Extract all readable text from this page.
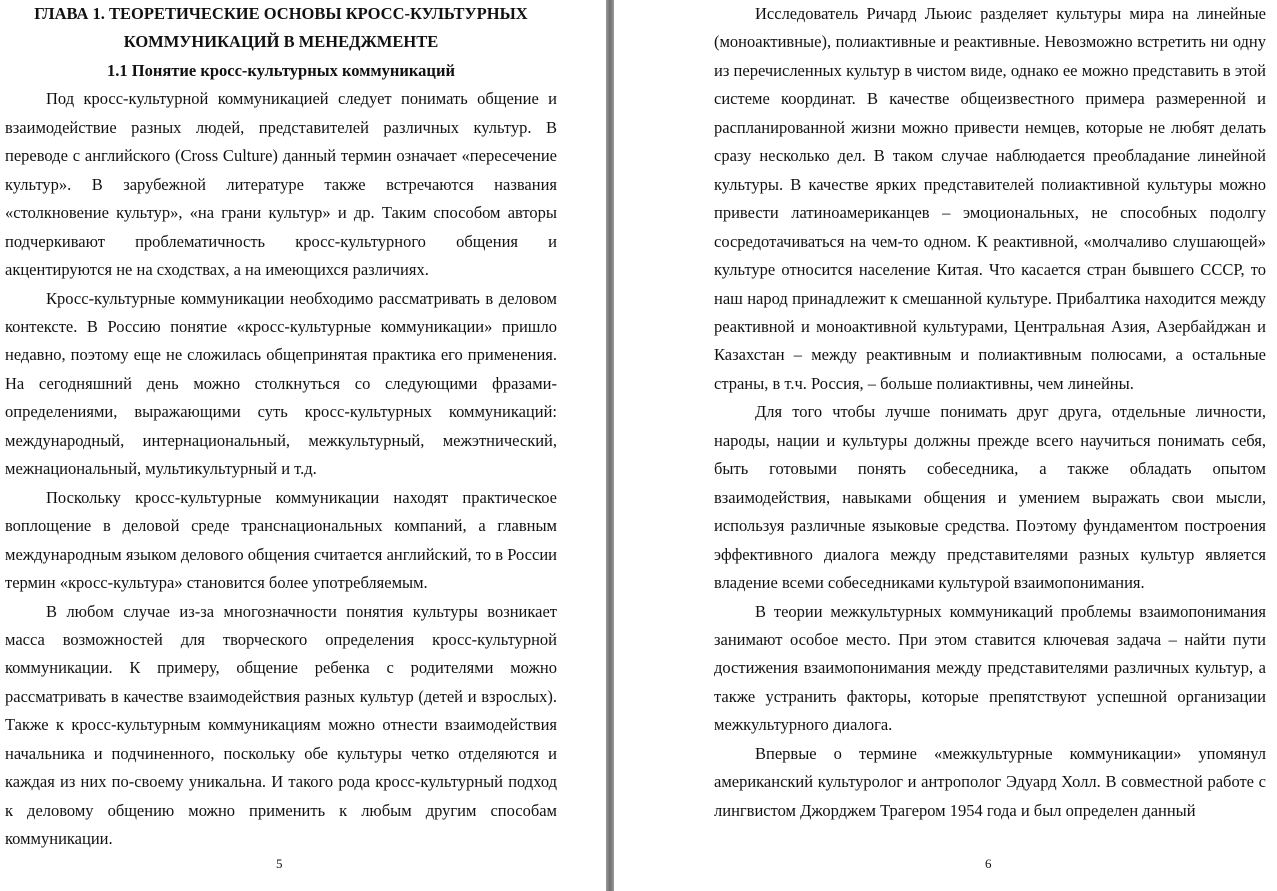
ГЛАВА 1. ТЕОРЕТИЧЕСКИЕ ОСНОВЫ КРОСС-КУЛЬТУРНЫХ
КОММУНИКАЦИЙ В МЕНЕДЖМЕНТЕ
1.1 Понятие кросс-культурных коммуникаций

Под кросс-культурной коммуникацией следует понимать общение и взаимодействие разных людей, представителей различных культур. В переводе с английского (Cross Culture) данный термин означает «пересечение культур». В зарубежной литературе также встречаются названия «столкновение культур», «на грани культур» и др. Таким способом авторы подчеркивают проблематичность кросс-культурного общения и акцентируются не на сходствах, а на имеющихся различиях.

Кросс-культурные коммуникации необходимо рассматривать в деловом контексте. В Россию понятие «кросс-культурные коммуникации» пришло недавно, поэтому еще не сложилась общепринятая практика его применения. На сегодняшний день можно столкнуться со следующими фразами-определениями, выражающими суть кросс-культурных коммуникаций: международный, интернациональный, межкультурный, межэтнический, межнациональный, мультикультурный и т.д.

Поскольку кросс-культурные коммуникации находят практическое воплощение в деловой среде транснациональных компаний, а главным международным языком делового общения считается английский, то в России термин «кросс-культура» становится более употребляемым.

В любом случае из-за многозначности понятия культуры возникает масса возможностей для творческого определения кросс-культурной коммуникации. К примеру, общение ребенка с родителями можно рассматривать в качестве взаимодействия разных культур (детей и взрослых). Также к кросс-культурным коммуникациям можно отнести взаимодействия начальника и подчиненного, поскольку обе культуры четко отделяются и каждая из них по-своему уникальна. И такого рода кросс-культурный подход к деловому общению можно применить к любым другим способам коммуникации.

5

Исследователь Ричард Льюис разделяет культуры мира на линейные (моноактивные), полиактивные и реактивные. Невозможно встретить ни одну из перечисленных культур в чистом виде, однако ее можно представить в этой системе координат. В качестве общеизвестного примера размеренной и распланированной жизни можно привести немцев, которые не любят делать сразу несколько дел. В таком случае наблюдается преобладание линейной культуры. В качестве ярких представителей полиактивной культуры можно привести латиноамериканцев – эмоциональных, не способных подолгу сосредотачиваться на чем-то одном. К реактивной, «молчаливо слушающей» культуре относится население Китая. Что касается стран бывшего СССР, то наш народ принадлежит к смешанной культуре. Прибалтика находится между реактивной и моноактивной культурами, Центральная Азия, Азербайджан и Казахстан – между реактивным и полиактивным полюсами, а остальные страны, в т.ч. Россия, – больше полиактивны, чем линейны.

Для того чтобы лучше понимать друг друга, отдельные личности, народы, нации и культуры должны прежде всего научиться понимать себя, быть готовыми понять собеседника, а также обладать опытом взаимодействия, навыками общения и умением выражать свои мысли, используя различные языковые средства. Поэтому фундаментом построения эффективного диалога между представителями разных культур является владение всеми собеседниками культурой взаимопонимания.

В теории межкультурных коммуникаций проблемы взаимопонимания занимают особое место. При этом ставится ключевая задача – найти пути достижения взаимопонимания между представителями различных культур, а также устранить факторы, которые препятствуют успешной организации межкультурного диалога.

Впервые о термине «межкультурные коммуникации» упомянул американский культуролог и антрополог Эдуард Холл. В совместной работе с лингвистом Джорджем Трагером 1954 года и был определен данный

6
